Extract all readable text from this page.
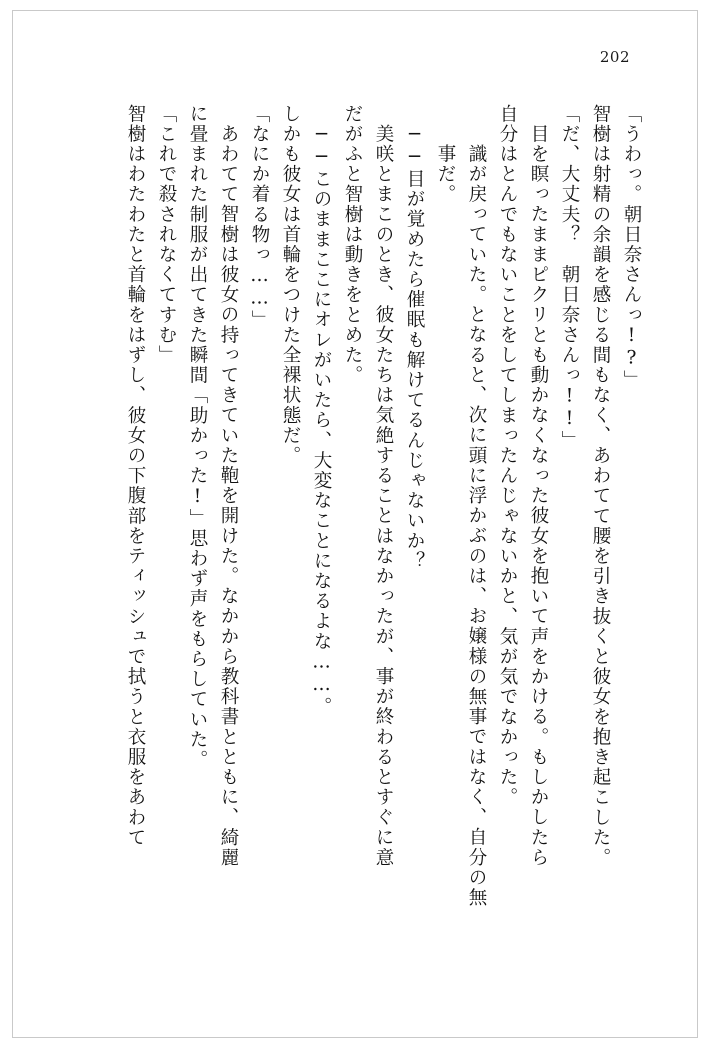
202
「うわっ。朝日奈さんっ!?」
智樹は射精の余韻を感じる間もなく、あわてて腰を引き抜くと彼女を抱き起こした。
「だ、大丈夫？　朝日奈さんっ!!」
目を瞑ったままピクリとも動かなくなった彼女を抱いて声をかける。もしかしたら
自分はとんでもないことをしてしまったんじゃないかと、気が気でなかった。
識が戻っていた。となると、次に頭に浮かぶのは、お嬢様の無事ではなく、自分の無
事だ。
──目が覚めたら催眠も解けてるんじゃないか？
美咲とまこのとき、彼女たちは気絶することはなかったが、事が終わるとすぐに意
だがふと智樹は動きをとめた。
──このままここにオレがいたら、大変なことになるよな……。
しかも彼女は首輪をつけた全裸状態だ。
「なにか着る物っ……」
あわてて智樹は彼女の持ってきていた鞄を開けた。なかから教科書とともに、綺麗
に畳まれた制服が出てきた瞬間「助かった!」思わず声をもらしていた。
「これで殺されなくてすむ」
智樹はわたわたと首輪をはずし、彼女の下腹部をティッシュで拭うと衣服をあわて
